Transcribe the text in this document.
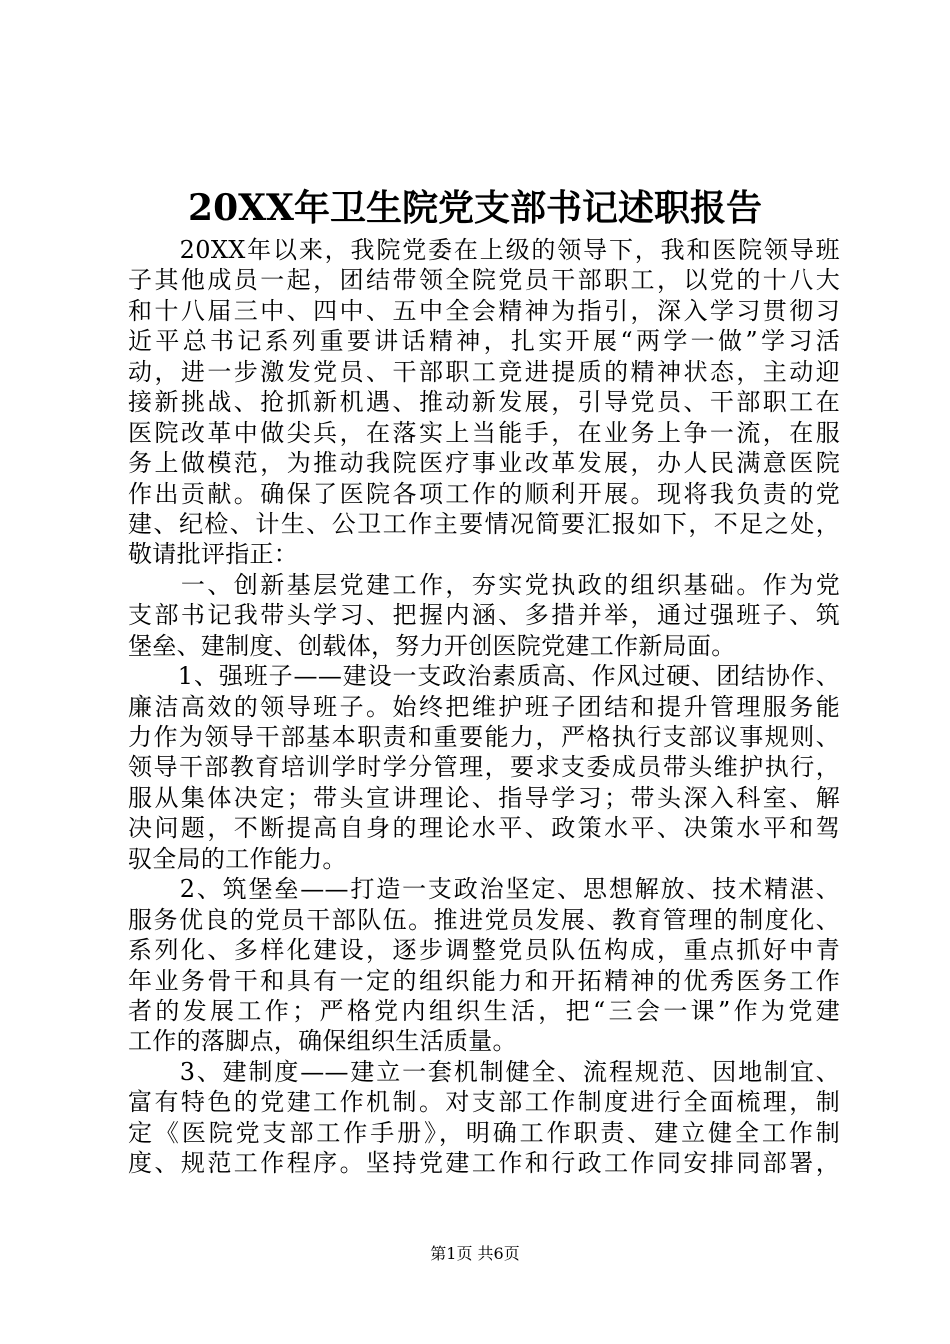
20XX年卫生院党支部书记述职报告
　　20XX年以来，我院党委在上级的领导下，我和医院领导班
子其他成员一起，团结带领全院党员干部职工，以党的十八大
和十八届三中、四中、五中全会精神为指引，深入学习贯彻习
近平总书记系列重要讲话精神，扎实开展“两学一做”学习活
动，进一步激发党员、干部职工竞进提质的精神状态，主动迎
接新挑战、抢抓新机遇、推动新发展，引导党员、干部职工在
医院改革中做尖兵，在落实上当能手，在业务上争一流，在服
务上做模范，为推动我院医疗事业改革发展，办人民满意医院
作出贡献。确保了医院各项工作的顺利开展。现将我负责的党
建、纪检、计生、公卫工作主要情况简要汇报如下，不足之处，
敬请批评指正：
　　一、创新基层党建工作，夯实党执政的组织基础。作为党
支部书记我带头学习、把握内涵、多措并举，通过强班子、筑
堡垒、建制度、创载体，努力开创医院党建工作新局面。
　　1、强班子——建设一支政治素质高、作风过硬、团结协作、
廉洁高效的领导班子。始终把维护班子团结和提升管理服务能
力作为领导干部基本职责和重要能力，严格执行支部议事规则、
领导干部教育培训学时学分管理，要求支委成员带头维护执行，
服从集体决定；带头宣讲理论、指导学习；带头深入科室、解
决问题，不断提高自身的理论水平、政策水平、决策水平和驾
驭全局的工作能力。
　　2、筑堡垒——打造一支政治坚定、思想解放、技术精湛、
服务优良的党员干部队伍。推进党员发展、教育管理的制度化、
系列化、多样化建设，逐步调整党员队伍构成，重点抓好中青
年业务骨干和具有一定的组织能力和开拓精神的优秀医务工作
者的发展工作；严格党内组织生活，把“三会一课”作为党建
工作的落脚点，确保组织生活质量。
　　3、建制度——建立一套机制健全、流程规范、因地制宜、
富有特色的党建工作机制。对支部工作制度进行全面梳理，制
定《医院党支部工作手册》，明确工作职责、建立健全工作制
度、规范工作程序。坚持党建工作和行政工作同安排同部署，
第1页 共6页
